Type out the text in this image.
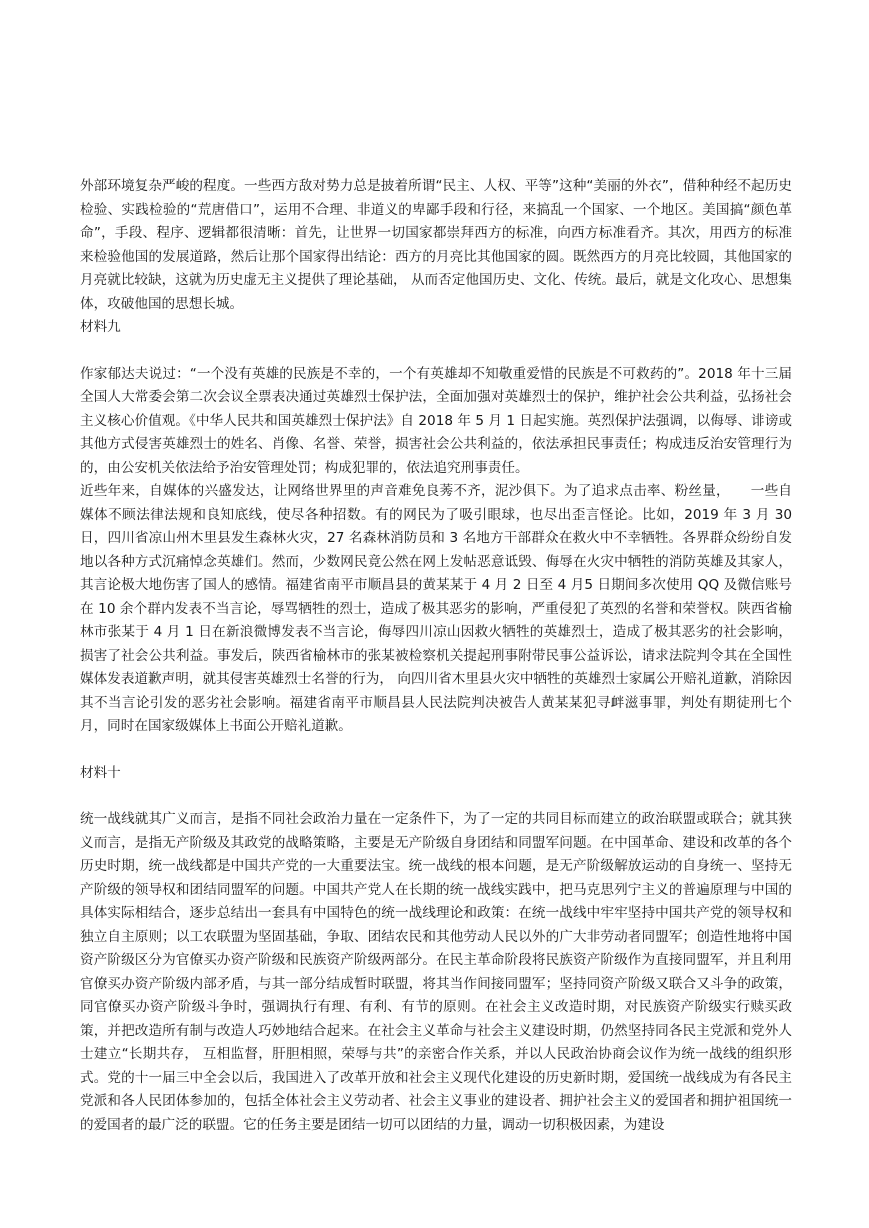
外部环境复杂严峻的程度。一些西方敌对势力总是披着所谓“民主、人权、平等”这种“美丽的外衣”，借种种经不起历史检验、实践检验的“荒唐借口”，运用不合理、非道义的卑鄙手段和行径，来搞乱一个国家、一个地区。美国搞“颜色革命”，手段、程序、逻辑都很清晰：首先，让世界一切国家都崇拜西方的标准，向西方标准看齐。其次，用西方的标准来检验他国的发展道路，然后让那个国家得出结论：西方的月亮比其他国家的圆。既然西方的月亮比较圆，其他国家的月亮就比较缺，这就为历史虚无主义提供了理论基础， 从而否定他国历史、文化、传统。最后，就是文化攻心、思想集体，攻破他国的思想长城。

材料九

作家郁达夫说过：“一个没有英雄的民族是不幸的，一个有英雄却不知敬重爱惜的民族是不可救药的”。2018 年十三届全国人大常委会第二次会议全票表决通过英雄烈士保护法，全面加强对英雄烈士的保护，维护社会公共利益，弘扬社会主义核心价值观。《中华人民共和国英雄烈士保护法》自 2018 年 5 月 1 日起实施。英烈保护法强调，以侮辱、诽谤或其他方式侵害英雄烈士的姓名、肖像、名誉、荣誉，损害社会公共利益的，依法承担民事责任；构成违反治安管理行为的，由公安机关依法给予治安管理处罚；构成犯罪的，依法追究刑事责任。

近些年来，自媒体的兴盛发达，让网络世界里的声音难免良莠不齐，泥沙俱下。为了追求点击率、粉丝量，　　一些自媒体不顾法律法规和良知底线，使尽各种招数。有的网民为了吸引眼球，也尽出歪言怪论。比如，2019 年 3 月 30 日，四川省凉山州木里县发生森林火灾，27 名森林消防员和 3 名地方干部群众在救火中不幸牺牲。各界群众纷纷自发地以各种方式沉痛悼念英雄们。然而，少数网民竟公然在网上发帖恶意诋毁、侮辱在火灾中牺牲的消防英雄及其家人，其言论极大地伤害了国人的感情。福建省南平市顺昌县的黄某某于 4 月 2 日至 4 月5 日期间多次使用 QQ 及微信账号在 10 余个群内发表不当言论，辱骂牺牲的烈士，造成了极其恶劣的影响，严重侵犯了英烈的名誉和荣誉权。陕西省榆林市张某于 4 月 1 日在新浪微博发表不当言论，侮辱四川凉山因救火牺牲的英雄烈士，造成了极其恶劣的社会影响，损害了社会公共利益。事发后，陕西省榆林市的张某被检察机关提起刑事附带民事公益诉讼，请求法院判令其在全国性媒体发表道歉声明，就其侵害英雄烈士名誉的行为， 向四川省木里县火灾中牺牲的英雄烈士家属公开赔礼道歉，消除因其不当言论引发的恶劣社会影响。福建省南平市顺昌县人民法院判决被告人黄某某犯寻衅滋事罪，判处有期徒刑七个月，同时在国家级媒体上书面公开赔礼道歉。

材料十

统一战线就其广义而言，是指不同社会政治力量在一定条件下，为了一定的共同目标而建立的政治联盟或联合；就其狭义而言，是指无产阶级及其政党的战略策略，主要是无产阶级自身团结和同盟军问题。在中国革命、建设和改革的各个历史时期，统一战线都是中国共产党的一大重要法宝。统一战线的根本问题，是无产阶级解放运动的自身统一、坚持无产阶级的领导权和团结同盟军的问题。中国共产党人在长期的统一战线实践中，把马克思列宁主义的普遍原理与中国的具体实际相结合，逐步总结出一套具有中国特色的统一战线理论和政策：在统一战线中牢牢坚持中国共产党的领导权和独立自主原则；以工农联盟为坚固基础，争取、团结农民和其他劳动人民以外的广大非劳动者同盟军；创造性地将中国资产阶级区分为官僚买办资产阶级和民族资产阶级两部分。在民主革命阶段将民族资产阶级作为直接同盟军，并且利用官僚买办资产阶级内部矛盾，与其一部分结成暂时联盟，将其当作间接同盟军；坚持同资产阶级又联合又斗争的政策，同官僚买办资产阶级斗争时，强调执行有理、有利、有节的原则。在社会主义改造时期，对民族资产阶级实行赎买政策，并把改造所有制与改造人巧妙地结合起来。在社会主义革命与社会主义建设时期，仍然坚持同各民主党派和党外人士建立“长期共存， 互相监督，肝胆相照，荣辱与共”的亲密合作关系，并以人民政治协商会议作为统一战线的组织形式。党的十一届三中全会以后，我国进入了改革开放和社会主义现代化建设的历史新时期，爱国统一战线成为有各民主党派和各人民团体参加的，包括全体社会主义劳动者、社会主义事业的建设者、拥护社会主义的爱国者和拥护祖国统一的爱国者的最广泛的联盟。它的任务主要是团结一切可以团结的力量，调动一切积极因素，为建设
